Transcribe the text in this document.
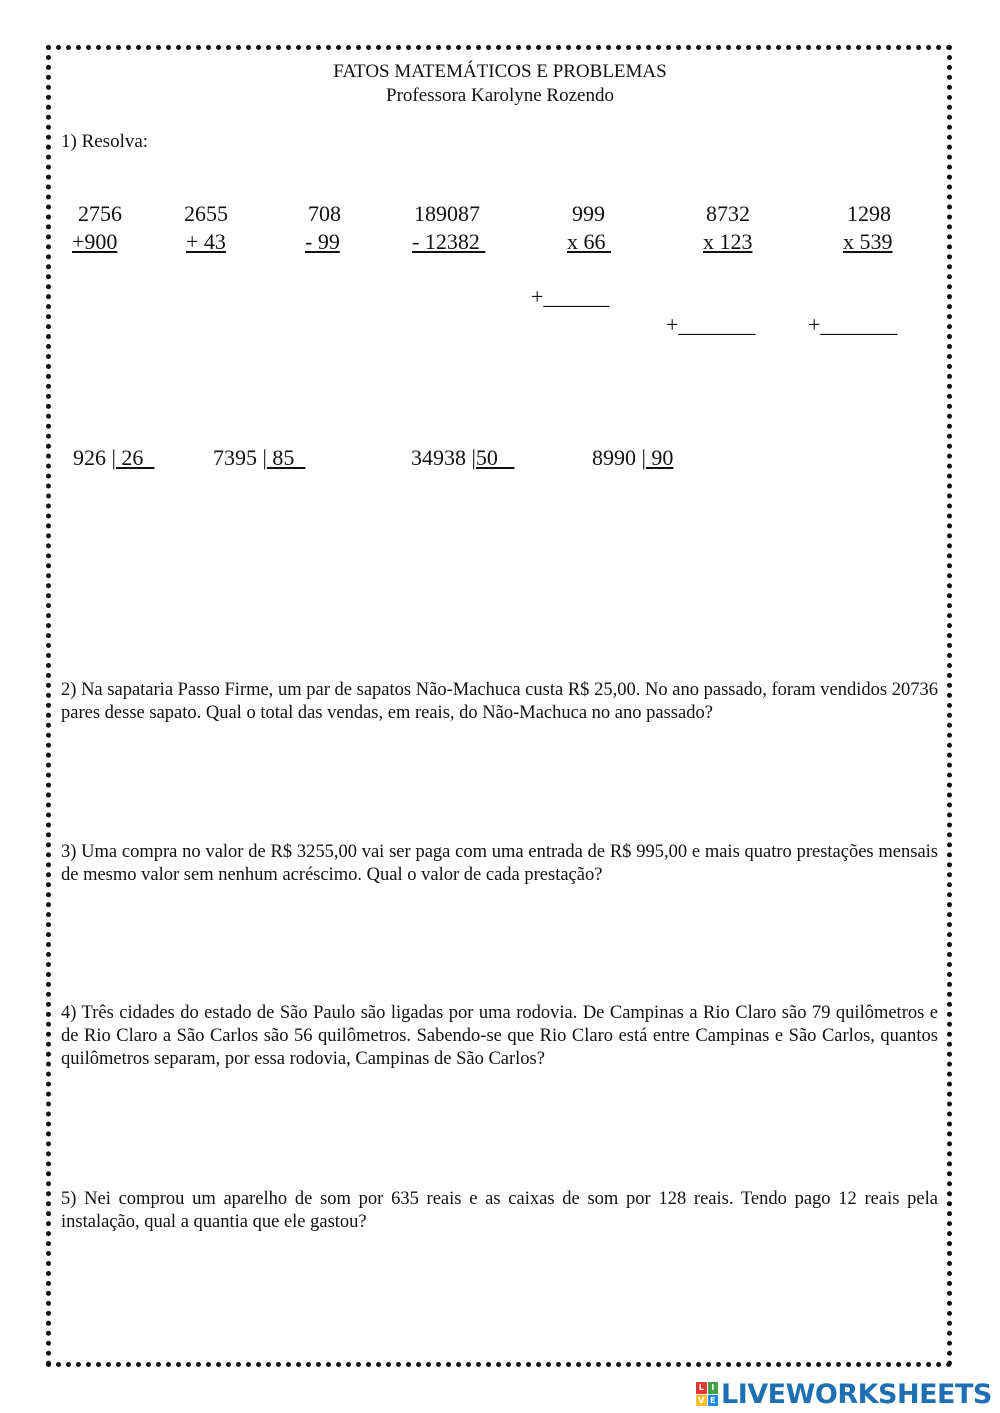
FATOS MATEMÁTICOS E PROBLEMAS
Professora Karolyne Rozendo
1) Resolva:
2756	2655	708	189087	999	8732	1298
+900	+ 43	- 99	- 12382	x 66	x 123	x 539
+______
+_______ +_______
926 | 26	7395 | 85	34938 |50	8990 | 90
2) Na sapataria Passo Firme, um par de sapatos Não-Machuca custa R$ 25,00. No ano passado, foram vendidos 20736 pares desse sapato. Qual o total das vendas, em reais, do Não-Machuca no ano passado?
3) Uma compra no valor de R$ 3255,00 vai ser paga com uma entrada de R$ 995,00 e mais quatro prestações mensais de mesmo valor sem nenhum acréscimo. Qual o valor de cada prestação?
4) Três cidades do estado de São Paulo são ligadas por uma rodovia. De Campinas a Rio Claro são 79 quilômetros e de Rio Claro a São Carlos são 56 quilômetros. Sabendo-se que Rio Claro está entre Campinas e São Carlos, quantos quilômetros separam, por essa rodovia, Campinas de São Carlos?
5) Nei comprou um aparelho de som por 635 reais e as caixas de som por 128 reais. Tendo pago 12 reais pela instalação, qual a quantia que ele gastou?
L I
V E LIVEWORKSHEETS
